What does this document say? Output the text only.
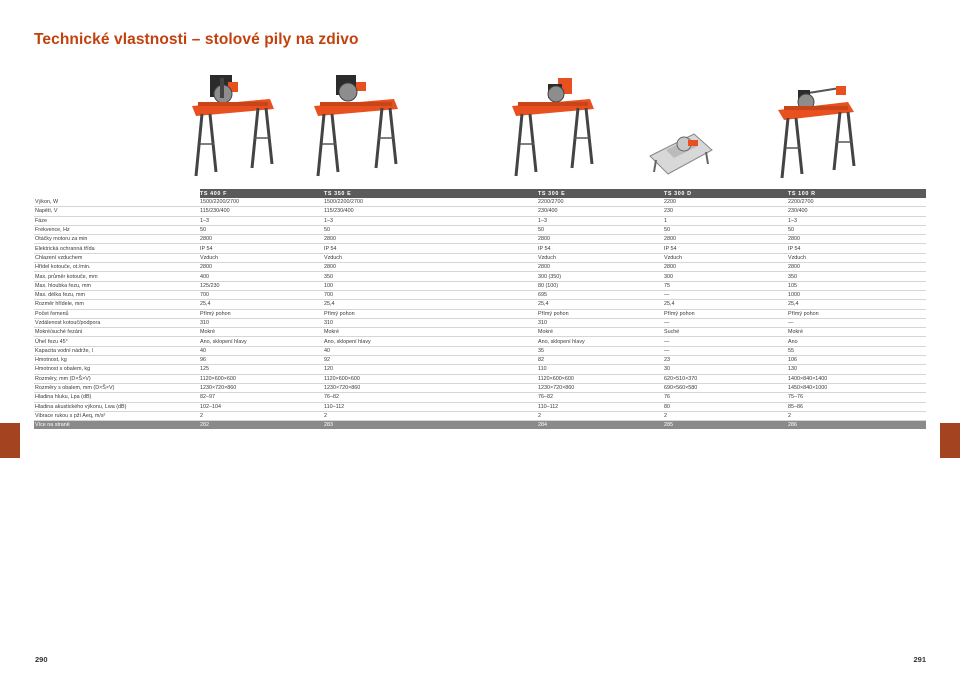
Technické vlastnosti – stolové pily na zdivo
	TS 400 F	TS 350 E	TS 300 E	TS 300 D	TS 100 R
Výkon, W	1500/2200/2700	1500/2200/2700	2200/2700	2200	2200/2700
Napětí, V	115/230/400	115/230/400	230/400	230	230/400
Fáze	1–3	1–3	1–3	1	1–3
Frekvence, Hz	50	50	50	50	50
Otáčky motoru za min	2800	2800	2800	2800	2800
Elektrická ochranná třída	IP 54	IP 54	IP 54	IP 54	IP 54
Chlazení vzduchem	Vzduch	Vzduch	Vzduch	Vzduch	Vzduch
Hřídel kotouče, ot./min.	2800	2800	2800	2800	2800
Max. průměr kotouče, mm	400	350	300 (350)	300	350
Max. hloubka řezu, mm	125/230	100	80 (100)	75	105
Max. délka řezu, mm	700	700	695	—	1000
Rozměr hřídele, mm	25,4	25,4	25,4	25,4	25,4
Počet řemenů	Přímý pohon	Přímý pohon	Přímý pohon	Přímý pohon	Přímý pohon
Vzdálenost kotouč/podpora	310	310	310	—	—
Mokré/suché řezání	Mokré	Mokré	Mokré	Suché	Mokré
Úhel řezu 45°	Ano, sklopení hlavy	Ano, sklopení hlavy	Ano, sklopení hlavy	—	Ano
Kapacita vodní nádrže, l	40	40	35	—	55
Hmotnost, kg	96	92	82	23	106
Hmotnost s obalem, kg	125	120	110	30	130
Rozměry, mm (D×Š×V)	1120×600×600	1120×600×600	1120×600×600	620×510×370	1400×840×1400
Rozměry s obalem, mm (D×Š×V)	1230×720×860	1230×720×860	1230×720×860	690×560×580	1450×840×1000
Hladina hluku, Lpa (dB)	82–97	76–82	76–82	76	75–76
Hladina akustického výkonu, Lwa (dB)	102–104	110–112	110–112	80	85–86
Vibrace rukou s pží Aeq, m/s²	2	2	2	2	2
Více na straně	282	283	284	285	286
290	291
